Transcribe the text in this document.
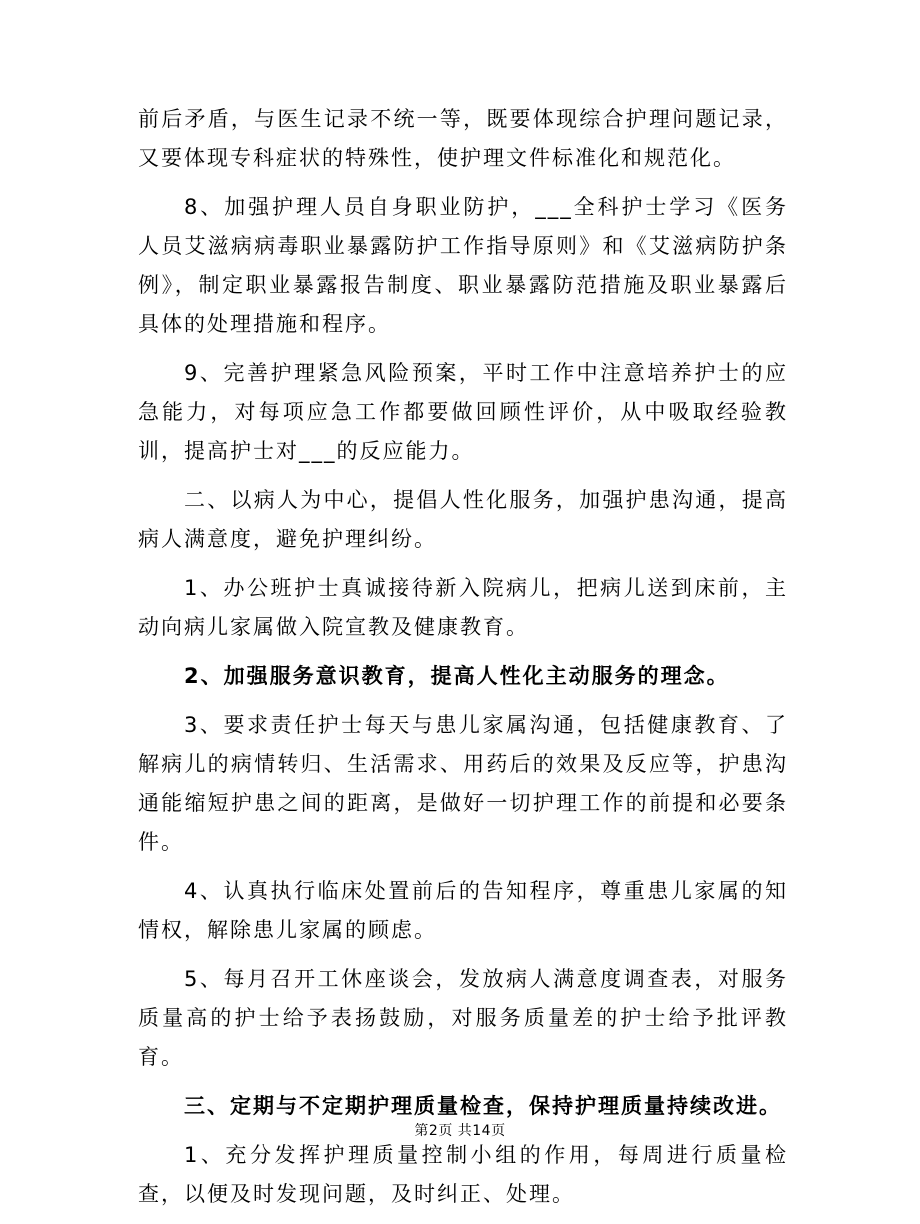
前后矛盾，与医生记录不统一等，既要体现综合护理问题记录，又要体现专科症状的特殊性，使护理文件标准化和规范化。

8、加强护理人员自身职业防护，___全科护士学习《医务人员艾滋病病毒职业暴露防护工作指导原则》和《艾滋病防护条例》，制定职业暴露报告制度、职业暴露防范措施及职业暴露后具体的处理措施和程序。

9、完善护理紧急风险预案，平时工作中注意培养护士的应急能力，对每项应急工作都要做回顾性评价，从中吸取经验教训，提高护士对___的反应能力。

二、以病人为中心，提倡人性化服务，加强护患沟通，提高病人满意度，避免护理纠纷。

1、办公班护士真诚接待新入院病儿，把病儿送到床前，主动向病儿家属做入院宣教及健康教育。

2、加强服务意识教育，提高人性化主动服务的理念。

3、要求责任护士每天与患儿家属沟通，包括健康教育、了解病儿的病情转归、生活需求、用药后的效果及反应等，护患沟通能缩短护患之间的距离，是做好一切护理工作的前提和必要条件。

4、认真执行临床处置前后的告知程序，尊重患儿家属的知情权，解除患儿家属的顾虑。

5、每月召开工休座谈会，发放病人满意度调查表，对服务质量高的护士给予表扬鼓励，对服务质量差的护士给予批评教育。

三、定期与不定期护理质量检查，保持护理质量持续改进。

1、充分发挥护理质量控制小组的作用，每周进行质量检查，以便及时发现问题，及时纠正、处理。

第2页 共14页
